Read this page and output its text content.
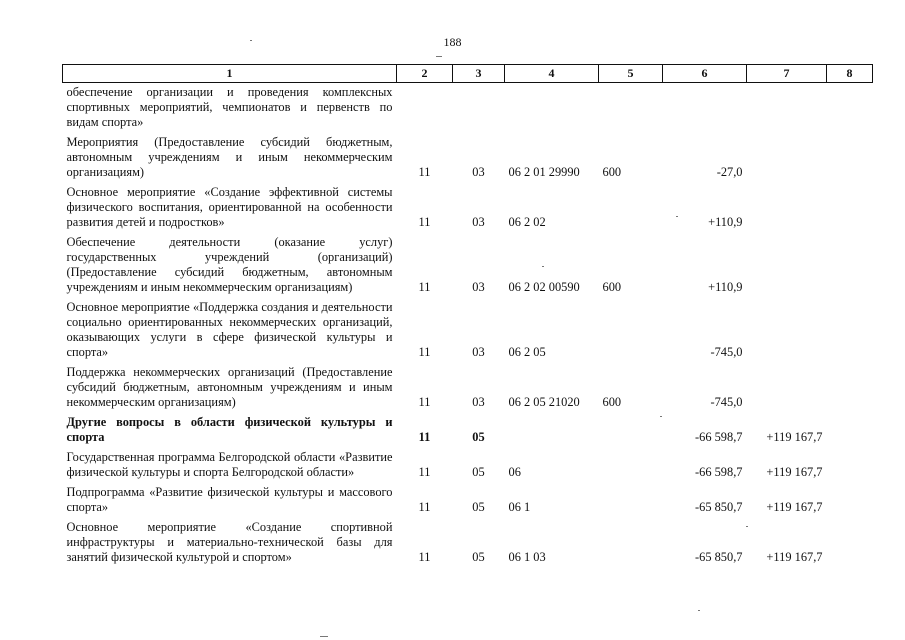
188
1	2	3	4	5	6	7	8
обеспечение организации и проведения комплексных спортивных мероприятий, чемпионатов и первенств по видам спорта»							
Мероприятия (Предоставление субсидий бюджетным, автономным учреждениям и иным некоммерческим организациям)	11	03	06 2 01 29990	600	-27,0		
Основное мероприятие «Создание эффективной системы физического воспитания, ориентированной на особенности развития детей и подростков»	11	03	06 2 02		+110,9		
Обеспечение деятельности (оказание услуг) государственных учреждений (организаций) (Предоставление субсидий бюджетным, автономным учреждениям и иным некоммерческим организациям)	11	03	06 2 02 00590	600	+110,9		
Основное мероприятие «Поддержка создания и деятельности социально ориентированных некоммерческих организаций, оказывающих услуги в сфере физической культуры и спорта»	11	03	06 2 05		-745,0		
Поддержка некоммерческих организаций (Предоставление субсидий бюджетным, автономным учреждениям и иным некоммерческим организациям)	11	03	06 2 05 21020	600	-745,0		
Другие вопросы в области физической культуры и спорта	11	05			-66 598,7	+119 167,7	
Государственная программа Белгородской области «Развитие физической культуры и спорта Белгородской области»	11	05	06		-66 598,7	+119 167,7	
Подпрограмма «Развитие физической культуры и массового спорта»	11	05	06 1		-65 850,7	+119 167,7	
Основное мероприятие «Создание спортивной инфраструктуры и материально-технической базы для занятий физической культурой и спортом»	11	05	06 1 03		-65 850,7	+119 167,7	
